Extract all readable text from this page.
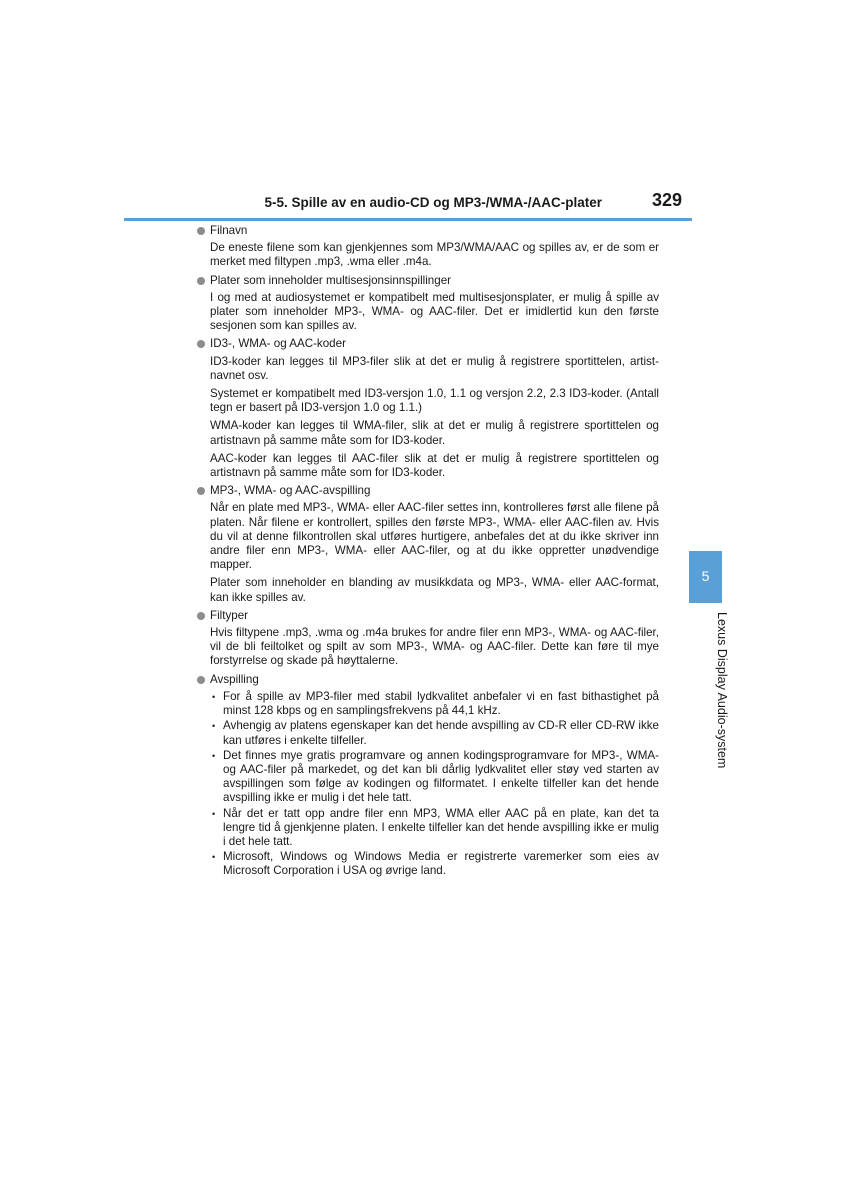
5-5. Spille av en audio-CD og MP3-/WMA-/AAC-plater	329
5
Lexus Display Audio-system
Filnavn

De eneste filene som kan gjenkjennes som MP3/WMA/AAC og spilles av, er de som er merket med filtypen .mp3, .wma eller .m4a.

Plater som inneholder multisesjonsinnspillinger

I og med at audiosystemet er kompatibelt med multisesjonsplater, er mulig å spille av plater som inneholder MP3-, WMA- og AAC-filer. Det er imidlertid kun den første sesjonen som kan spilles av.

ID3-, WMA- og AAC-koder

ID3-koder kan legges til MP3-filer slik at det er mulig å registrere sportittelen, artist-navnet osv.

Systemet er kompatibelt med ID3-versjon 1.0, 1.1 og versjon 2.2, 2.3 ID3-koder. (Antall tegn er basert på ID3-versjon 1.0 og 1.1.)

WMA-koder kan legges til WMA-filer, slik at det er mulig å registrere sportittelen og artistnavn på samme måte som for ID3-koder.

AAC-koder kan legges til AAC-filer slik at det er mulig å registrere sportittelen og artistnavn på samme måte som for ID3-koder.

MP3-, WMA- og AAC-avspilling

Når en plate med MP3-, WMA- eller AAC-filer settes inn, kontrolleres først alle filene på platen. Når filene er kontrollert, spilles den første MP3-, WMA- eller AAC-filen av. Hvis du vil at denne filkontrollen skal utføres hurtigere, anbefales det at du ikke skriver inn andre filer enn MP3-, WMA- eller AAC-filer, og at du ikke oppretter unødvendige mapper.

Plater som inneholder en blanding av musikkdata og MP3-, WMA- eller AAC-format, kan ikke spilles av.

Filtyper

Hvis filtypene .mp3, .wma og .m4a brukes for andre filer enn MP3-, WMA- og AAC-filer, vil de bli feiltolket og spilt av som MP3-, WMA- og AAC-filer. Dette kan føre til mye forstyrrelse og skade på høyttalerne.

Avspilling
• For å spille av MP3-filer med stabil lydkvalitet anbefaler vi en fast bithastighet på minst 128 kbps og en samplingsfrekvens på 44,1 kHz.
• Avhengig av platens egenskaper kan det hende avspilling av CD-R eller CD-RW ikke kan utføres i enkelte tilfeller.
• Det finnes mye gratis programvare og annen kodingsprogramvare for MP3-, WMA- og AAC-filer på markedet, og det kan bli dårlig lydkvalitet eller støy ved starten av avspillingen som følge av kodingen og filformatet. I enkelte tilfeller kan det hende avspilling ikke er mulig i det hele tatt.
• Når det er tatt opp andre filer enn MP3, WMA eller AAC på en plate, kan det ta lengre tid å gjenkjenne platen. I enkelte tilfeller kan det hende avspilling ikke er mulig i det hele tatt.
• Microsoft, Windows og Windows Media er registrerte varemerker som eies av Microsoft Corporation i USA og øvrige land.
